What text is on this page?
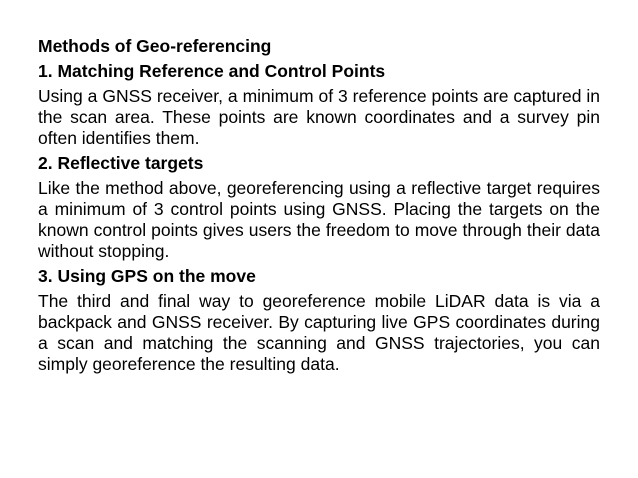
Methods of Geo-referencing
1. Matching Reference and Control Points
Using a GNSS receiver, a minimum of 3 reference points are captured in the scan area. These points are known coordinates and a survey pin often identifies them.
2. Reflective targets
Like the method above, georeferencing using a reflective target requires a minimum of 3 control points using GNSS. Placing the targets on the known control points gives users the freedom to move through their data without stopping.
3. Using GPS on the move
The third and final way to georeference mobile LiDAR data is via a backpack and GNSS receiver. By capturing live GPS coordinates during a scan and matching the scanning and GNSS trajectories, you can simply georeference the resulting data.
